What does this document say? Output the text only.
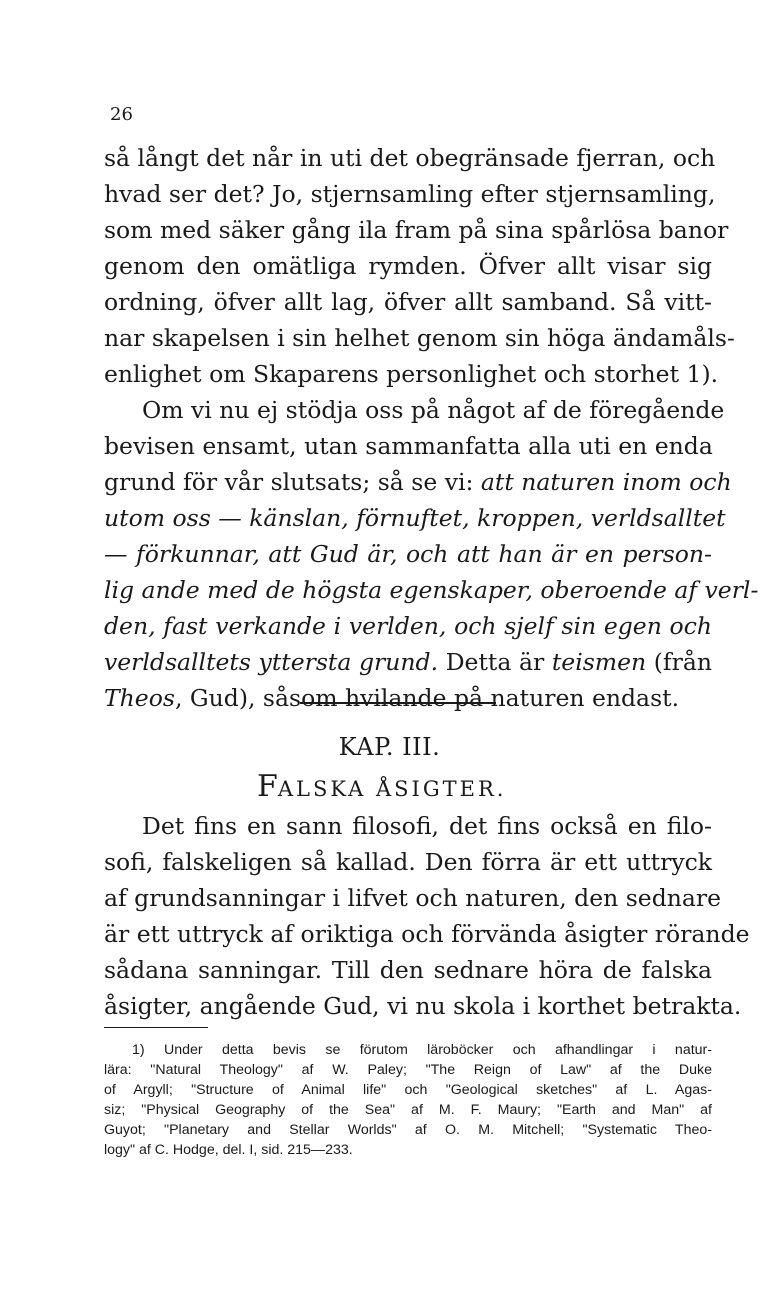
26
så långt det når in uti det obegränsade fjerran, och
hvad ser det? Jo, stjernsamling efter stjernsamling,
som med säker gång ila fram på sina spårlösa banor
genom den omätliga rymden. Öfver allt visar sig
ordning, öfver allt lag, öfver allt samband. Så vitt-
nar skapelsen i sin helhet genom sin höga ändamåls-
enlighet om Skaparens personlighet och storhet 1).
Om vi nu ej stödja oss på något af de föregående
bevisen ensamt, utan sammanfatta alla uti en enda
grund för vår slutsats; så se vi: att naturen inom och
utom oss — känslan, förnuftet, kroppen, verldsalltet
— förkunnar, att Gud är, och att han är en person-
lig ande med de högsta egenskaper, oberoende af verl-
den, fast verkande i verlden, och sjelf sin egen och
verldsalltets yttersta grund. Detta är teismen (från
Theos, Gud), såsom hvilande på naturen endast.
KAP. III.
FALSKA ÅSIGTER.
Det fins en sann filosofi, det fins också en filo-
sofi, falskeligen så kallad. Den förra är ett uttryck
af grundsanningar i lifvet och naturen, den sednare
är ett uttryck af oriktiga och förvända åsigter rörande
sådana sanningar. Till den sednare höra de falska
åsigter, angående Gud, vi nu skola i korthet betrakta.
1) Under detta bevis se förutom läroböcker och afhandlingar i natur-
lära: "Natural Theology" af W. Paley; "The Reign of Law" af the Duke
of Argyll; "Structure of Animal life" och "Geological sketches" af L. Agas-
siz; "Physical Geography of the Sea" af M. F. Maury; "Earth and Man" af
Guyot; "Planetary and Stellar Worlds" af O. M. Mitchell; "Systematic Theo-
logy" af C. Hodge, del. I, sid. 215—233.
